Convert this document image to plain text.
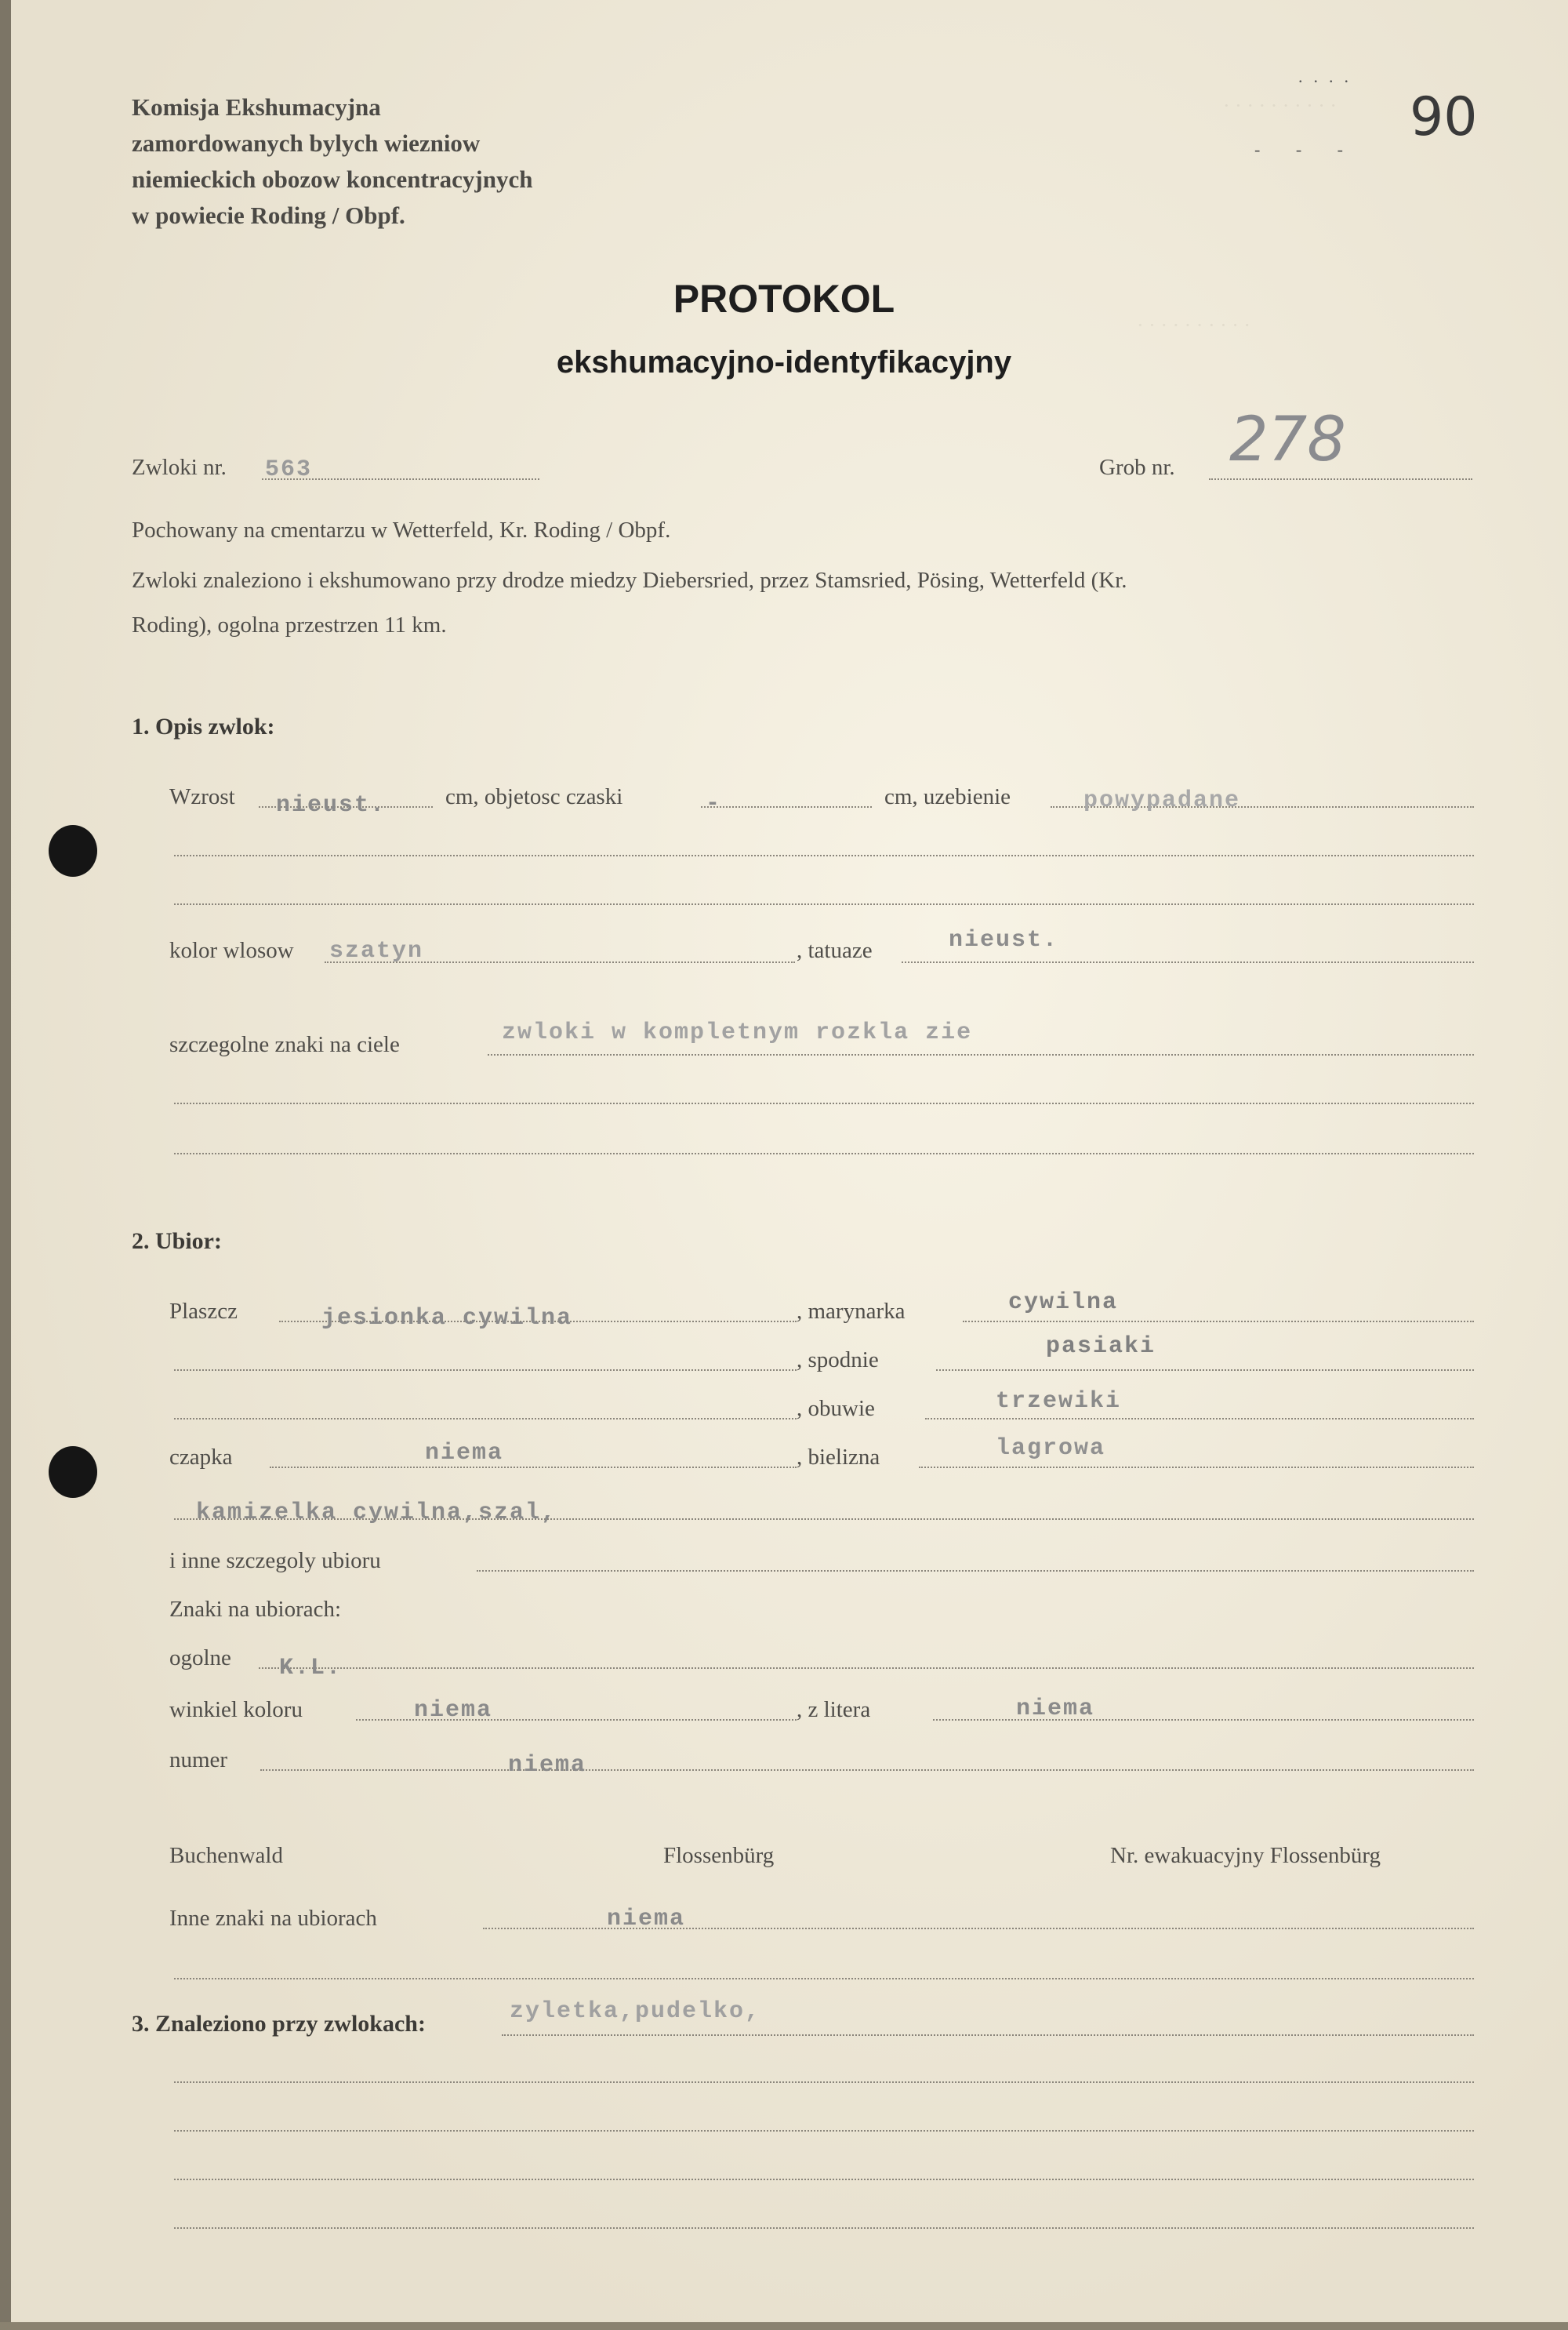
· · · · · · · · · ·
· · · · · · · · · ·
Komisja Ekshumacyjna
zamordowanych bylych wiezniow
niemieckich obozow koncentracyjnych
w powiecie Roding / Obpf.
....
- - -
90
PROTOKOL
ekshumacyjno-identyfikacyjny
Zwloki nr. 563	Grob nr. 278
Pochowany na cmentarzu w Wetterfeld, Kr. Roding / Obpf.
Zwloki znaleziono i ekshumowano przy drodze miedzy Diebersried, przez Stamsried, Pösing, Wetterfeld (Kr.
Roding), ogolna przestrzen 11 km.
1. Opis zwlok:
Wzrost nieust.	cm, objetosc czaski	-	cm, uzebienie	powypadane
kolor wlosow szatyn	, tatuaze	nieust.
szczegolne znaki na ciele	zwloki w kompletnym rozkla zie
2. Ubior:
Plaszcz	jesionka cywilna	, marynarka	cywilna
, spodnie	pasiaki
, obuwie	trzewiki
czapka	niema	, bielizna	lagrowa
kamizelka cywilna,szal,
i inne szczegoly ubioru
Znaki na ubiorach:
ogolne K.L.
winkiel koloru	niema	, z litera	niema
numer	niema
Buchenwald	Flossenbürg	Nr. ewakuacyjny Flossenbürg
Inne znaki na ubiorach	niema
3. Znaleziono przy zwlokach:	zyletka,pudelko,
